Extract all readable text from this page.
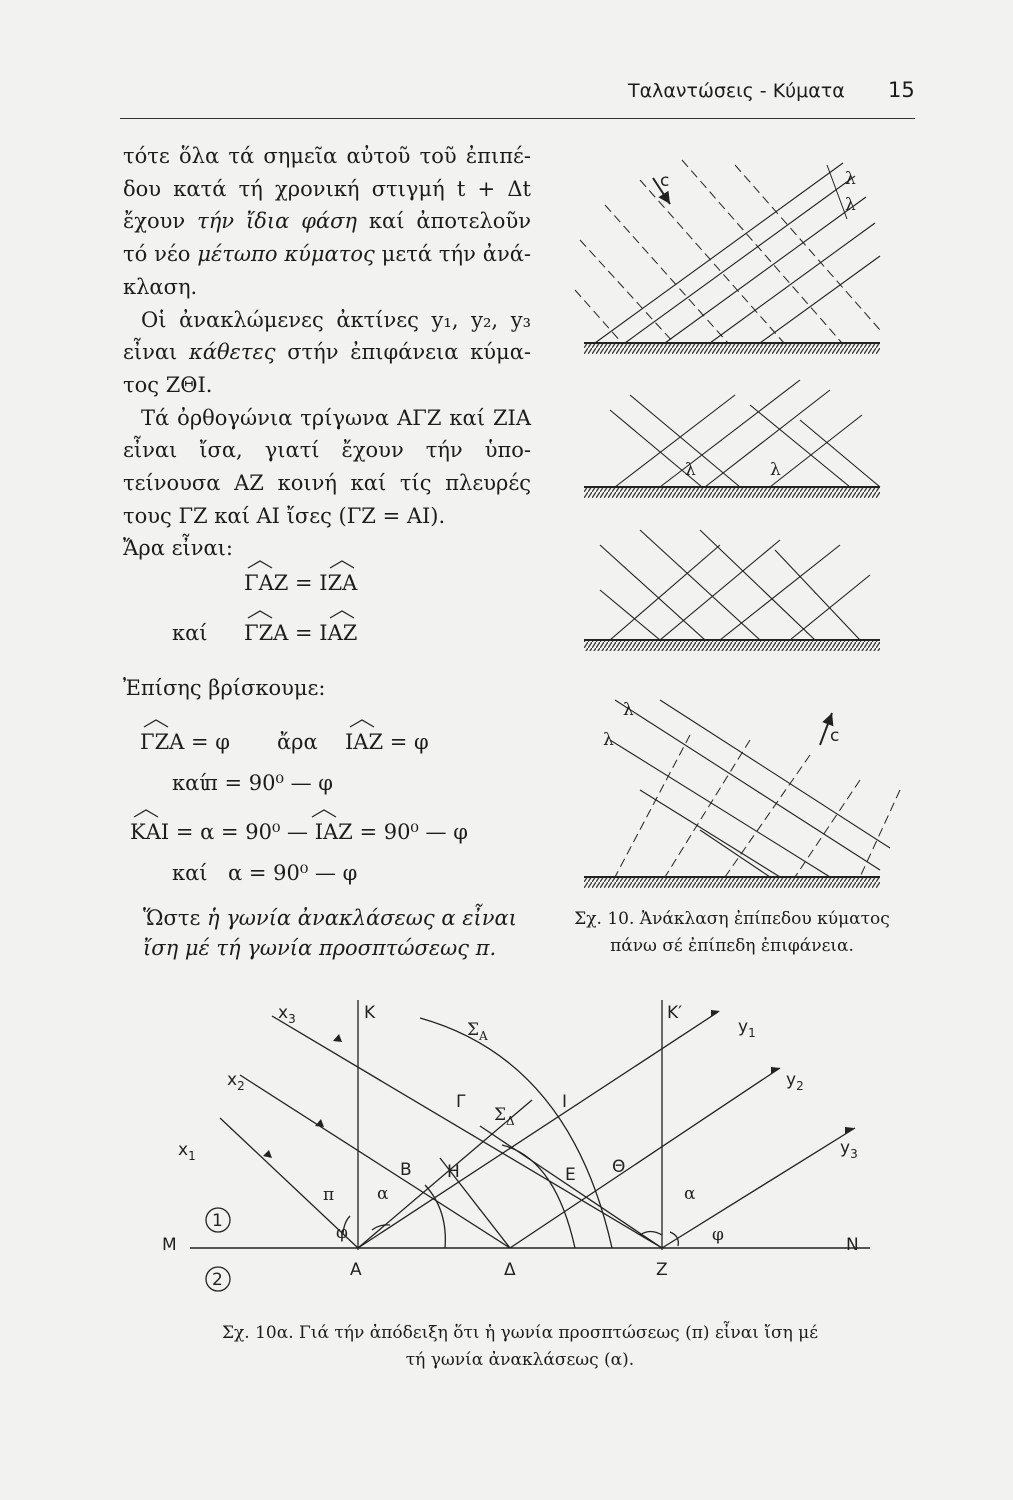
Ταλαντώσεις - Κύματα 15

τότε ὅλα τά σημεῖα αὐτοῦ τοῦ ἐπιπέ-δου κατά τή χρονική στιγμή t + Δt ἔχουν τήν ἴδια φάση καί ἀποτελοῦν τό νέο μέτωπο κύματος μετά τήν ἀνά-κλαση.

Οἱ ἀνακλώμενες ἀκτίνες y₁, y₂, y₃ εἶναι κάθετες στήν ἐπιφάνεια κύμα-τος ΖΘΙ.

Τά ὀρθογώνια τρίγωνα ΑΓΖ καί ΖΙΑ εἶναι ἴσα, γιατί ἔχουν τήν ὑπο-τείνουσα ΑΖ κοινή καί τίς πλευρές τους ΓΖ καί ΑΙ ἴσες (ΓΖ = ΑΙ).

Ἄρα εἶναι:

ΓΑΖ = ΙΖΑ
καί ΓΖΑ = ΙΑΖ
Ἐπίσης βρίσκουμε:
ΓΖΑ = φ ἄρα ΙΑΖ = φ
καί
π = 90⁰ — φ
ΚΑΙ = α = 90⁰ — ΙΑΖ = 90⁰ — φ
καί α = 90⁰ — φ
Ὥστε ἡ γωνία ἀνακλάσεως α εἶναι ἴση μέ τή γωνία προσπτώσεως π.
c	λ
λ
λ	λ
c
λ
λ
1
2
K	K′
M	N
A	Δ	Z
B H	E Θ
I
Γ
$x_1$
$x_2$
$x_3$	$y_1$
$y_2$
$y_3$
$\Sigma_A$
$\Sigma_\Delta$
π	α	α
φ	φ
Σχ. 10. Ἀνάκλαση ἐπίπεδου κύματος
πάνω σέ ἐπίπεδη ἐπιφάνεια.
Σχ. 10α. Γιά τήν ἀπόδειξη ὅτι ἡ γωνία προσπτώσεως (π) εἶναι ἴση μέ
τή γωνία ἀνακλάσεως (α).
